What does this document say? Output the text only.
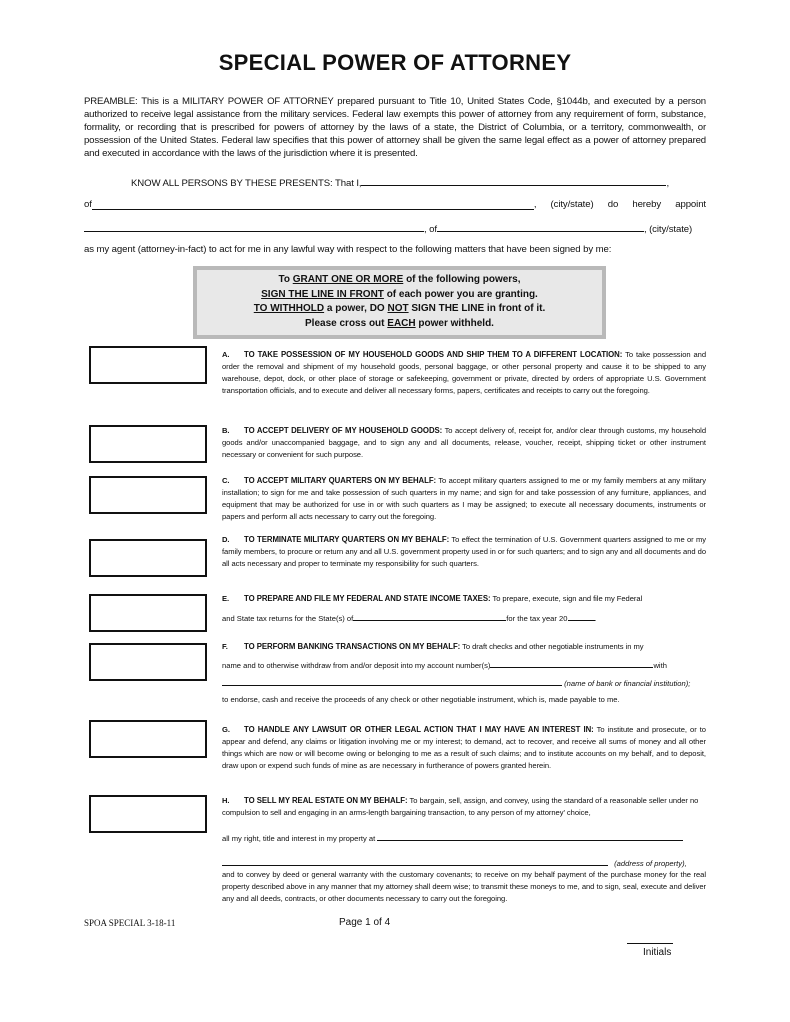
SPECIAL POWER OF ATTORNEY
PREAMBLE: This is a MILITARY POWER OF ATTORNEY prepared pursuant to Title 10, United States Code, §1044b, and executed by a person authorized to receive legal assistance from the military services. Federal law exempts this power of attorney from any requirement of form, substance, formality, or recording that is prescribed for powers of attorney by the laws of a state, the District of Columbia, or a territory, commonwealth, or possession of the United States. Federal law specifies that this power of attorney shall be given the same legal effect as a power of attorney prepared and executed in accordance with the laws of the jurisdiction where it is presented.
KNOW ALL PERSONS BY THESE PRESENTS: That I,	,
of	, (city/state) do hereby appoint
, of	, (city/state)
as my agent (attorney-in-fact) to act for me in any lawful way with respect to the following matters that have been signed by me:
To GRANT ONE OR MORE of the following powers,
SIGN THE LINE IN FRONT of each power you are granting.
TO WITHHOLD a power, DO NOT SIGN THE LINE in front of it.
Please cross out EACH power withheld.
A. TO TAKE POSSESSION OF MY HOUSEHOLD GOODS AND SHIP THEM TO A DIFFERENT LOCATION: To take possession and order the removal and shipment of my household goods, personal baggage, or other personal property and cause it to be shipped to any warehouse, depot, dock, or other place of storage or safekeeping, government or private, directed by orders of appropriate U.S. Government transportation officials, and to execute and deliver all necessary forms, papers, certificates and receipts to carry out the foregoing.
B. TO ACCEPT DELIVERY OF MY HOUSEHOLD GOODS: To accept delivery of, receipt for, and/or clear through customs, my household goods and/or unaccompanied baggage, and to sign any and all documents, release, voucher, receipt, shipping ticket or other instrument necessary or convenient for such purpose.
C. TO ACCEPT MILITARY QUARTERS ON MY BEHALF: To accept military quarters assigned to me or my family members at any military installation; to sign for me and take possession of such quarters in my name; and sign for and take possession of any furniture, appliances, and equipment that may be authorized for use in or with such quarters as I may be assigned; to execute all necessary documents, instruments or papers and perform all acts necessary to carry out the foregoing.
D. TO TERMINATE MILITARY QUARTERS ON MY BEHALF: To effect the termination of U.S. Government quarters assigned to me or my family members, to procure or return any and all U.S. government property used in or for such quarters; and to sign any and all documents and do all acts necessary and proper to terminate my responsibility for such quarters.
E. TO PREPARE AND FILE MY FEDERAL AND STATE INCOME TAXES: To prepare, execute, sign and file my Federal
and State tax returns for the State(s) of	for the tax year 20	.
F. TO PERFORM BANKING TRANSACTIONS ON MY BEHALF: To draft checks and other negotiable instruments in my
name and to otherwise withdraw from and/or deposit into my account number(s)	with
(name of bank or financial institution);
to endorse, cash and receive the proceeds of any check or other negotiable instrument, which is, made payable to me.
G. TO HANDLE ANY LAWSUIT OR OTHER LEGAL ACTION THAT I MAY HAVE AN INTEREST IN: To institute and prosecute, or to appear and defend, any claims or litigation involving me or my interest; to demand, act to recover, and receive all sums of money and all other things which are now or will become owing or belonging to me as a result of such claims; and to institute accounts on my behalf, and to deposit, draw upon or expend such funds of mine as are necessary in furtherance of powers granted herein.
H. TO SELL MY REAL ESTATE ON MY BEHALF: To bargain, sell, assign, and convey, using the standard of a reasonable seller under no compulsion to sell and engaging in an arms-length bargaining transaction, to any person of my attorney' choice,
all my right, title and interest in my property at
(address of property),
and to convey by deed or general warranty with the customary covenants; to receive on my behalf payment of the purchase money for the real property described above in any manner that my attorney shall deem wise; to transmit these moneys to me, and to sign, seal, execute and deliver any and all deeds, contracts, or other documents necessary to carry out the foregoing.
SPOA SPECIAL 3-18-11	Page 1 of 4
Initials
